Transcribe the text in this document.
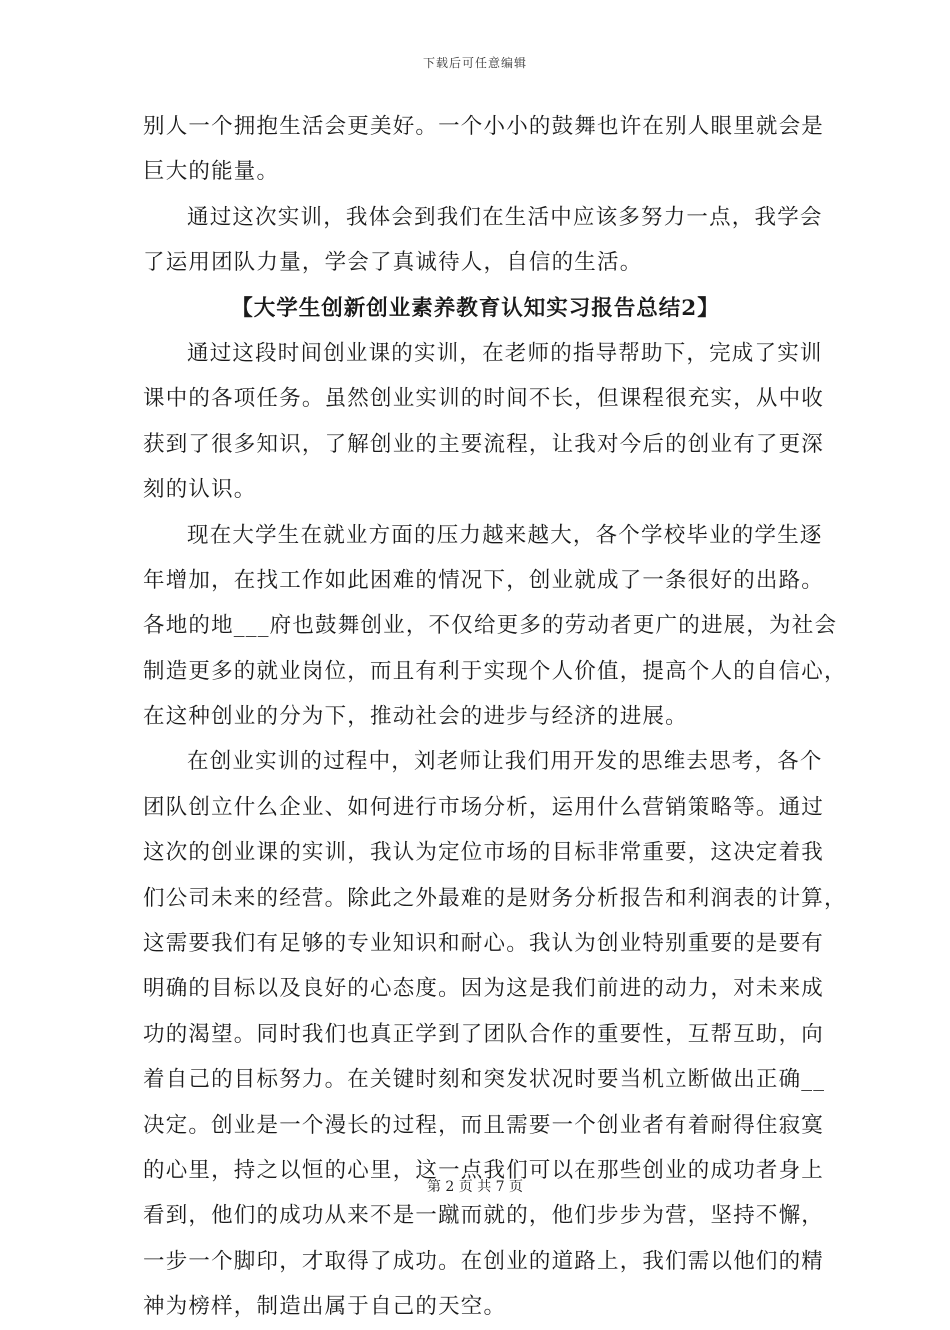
下载后可任意编辑
别人一个拥抱生活会更美好。一个小小的鼓舞也许在别人眼里就会是
巨大的能量。
通过这次实训，我体会到我们在生活中应该多努力一点，我学会
了运用团队力量，学会了真诚待人，自信的生活。
【大学生创新创业素养教育认知实习报告总结2】
通过这段时间创业课的实训，在老师的指导帮助下，完成了实训
课中的各项任务。虽然创业实训的时间不长，但课程很充实，从中收
获到了很多知识，了解创业的主要流程，让我对今后的创业有了更深
刻的认识。
现在大学生在就业方面的压力越来越大，各个学校毕业的学生逐
年增加，在找工作如此困难的情况下，创业就成了一条很好的出路。
各地的地___府也鼓舞创业，不仅给更多的劳动者更广的进展，为社会
制造更多的就业岗位，而且有利于实现个人价值，提高个人的自信心，
在这种创业的分为下，推动社会的进步与经济的进展。
在创业实训的过程中，刘老师让我们用开发的思维去思考，各个
团队创立什么企业、如何进行市场分析，运用什么营销策略等。通过
这次的创业课的实训，我认为定位市场的目标非常重要，这决定着我
们公司未来的经营。除此之外最难的是财务分析报告和利润表的计算，
这需要我们有足够的专业知识和耐心。我认为创业特别重要的是要有
明确的目标以及良好的心态度。因为这是我们前进的动力，对未来成
功的渴望。同时我们也真正学到了团队合作的重要性，互帮互助，向
着自己的目标努力。在关键时刻和突发状况时要当机立断做出正确__
决定。创业是一个漫长的过程，而且需要一个创业者有着耐得住寂寞
的心里，持之以恒的心里，这一点我们可以在那些创业的成功者身上
看到，他们的成功从来不是一蹴而就的，他们步步为营，坚持不懈，
一步一个脚印，才取得了成功。在创业的道路上，我们需以他们的精
神为榜样，制造出属于自己的天空。
第 2 页 共 7 页
